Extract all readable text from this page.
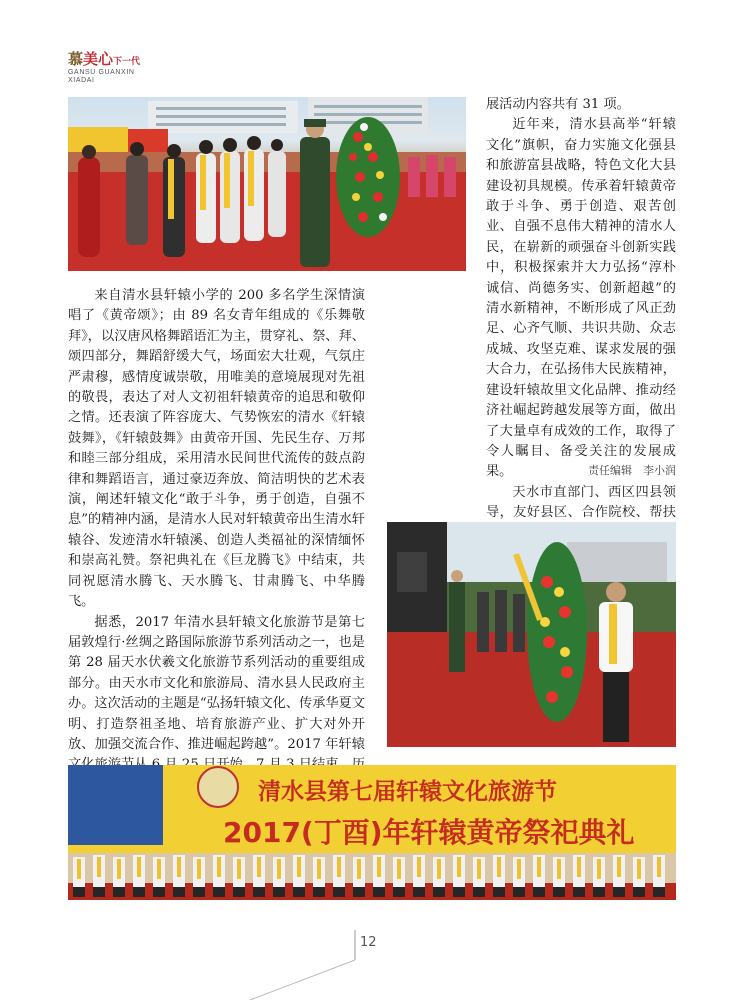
慕美心下一代
GANSU GUANXIN
XIADAI

展活动内容共有 31 项。

近年来，清水县高举“轩辕文化”旗帜，奋力实施文化强县和旅游富县战略，特色文化大县建设初具规模。传承着轩辕黄帝敢于斗争、勇于创造、艰苦创业、自强不息伟大精神的清水人民，在崭新的顽强奋斗创新实践中，积极探索并大力弘扬“淳朴诚信、尚德务实、创新超越”的清水新精神，不断形成了风正劲足、心齐气顺、共识共勋、众志成城、攻坚克难、谋求发展的强大合力，在弘扬伟大民族精神，建设轩辕故里文化品牌、推动经济社崛起跨越发展等方面，做出了大量卓有成效的工作，取得了令人瞩目、备受关注的发展成果。

天水市直部门、西区四县领导，友好县区、合作院校、帮扶

责任编辑　李小润

来自清水县轩辕小学的 200 多名学生深情演唱了《黄帝颂》；由 89 名女青年组成的《乐舞敬拜》，以汉唐风格舞蹈语汇为主，贯穿礼、祭、拜、颂四部分，舞蹈舒缓大气，场面宏大壮观，气氛庄严肃穆，感情度诚崇敬，用唯美的意境展现对先祖的敬畏，表达了对人文初祖轩辕黄帝的追思和敬仰之情。还表演了阵容庞大、气势恢宏的清水《轩辕鼓舞》，《轩辕鼓舞》由黄帝开国、先民生存、万邦和睦三部分组成，采用清水民间世代流传的鼓点韵律和舞蹈语言，通过豪迈奔放、简洁明快的艺术表演，阐述轩辕文化“敢于斗争，勇于创造，自强不息”的精神内涵，是清水人民对轩辕黄帝出生清水轩辕谷、发迹清水轩辕溪、创造人类福祉的深情缅怀和崇高礼赞。祭祀典礼在《巨龙腾飞》中结束，共同祝愿清水腾飞、天水腾飞、甘肃腾飞、中华腾飞。

据悉，2017 年清水县轩辕文化旅游节是第七届敦煌行·丝绸之路国际旅游节系列活动之一，也是第 28 届天水伏羲文化旅游节系列活动的重要组成部分。由天水市文化和旅游局、清水县人民政府主办。这次活动的主题是“弘扬轩辕文化、传承华夏文明、打造祭祖圣地、培育旅游产业、扩大对外开放、加强交流合作、推进崛起跨越”。2017 年轩辕

清水县第七届轩辕文化旅游节
2017(丁酉)年轩辕黄帝祭祀典礼
12
